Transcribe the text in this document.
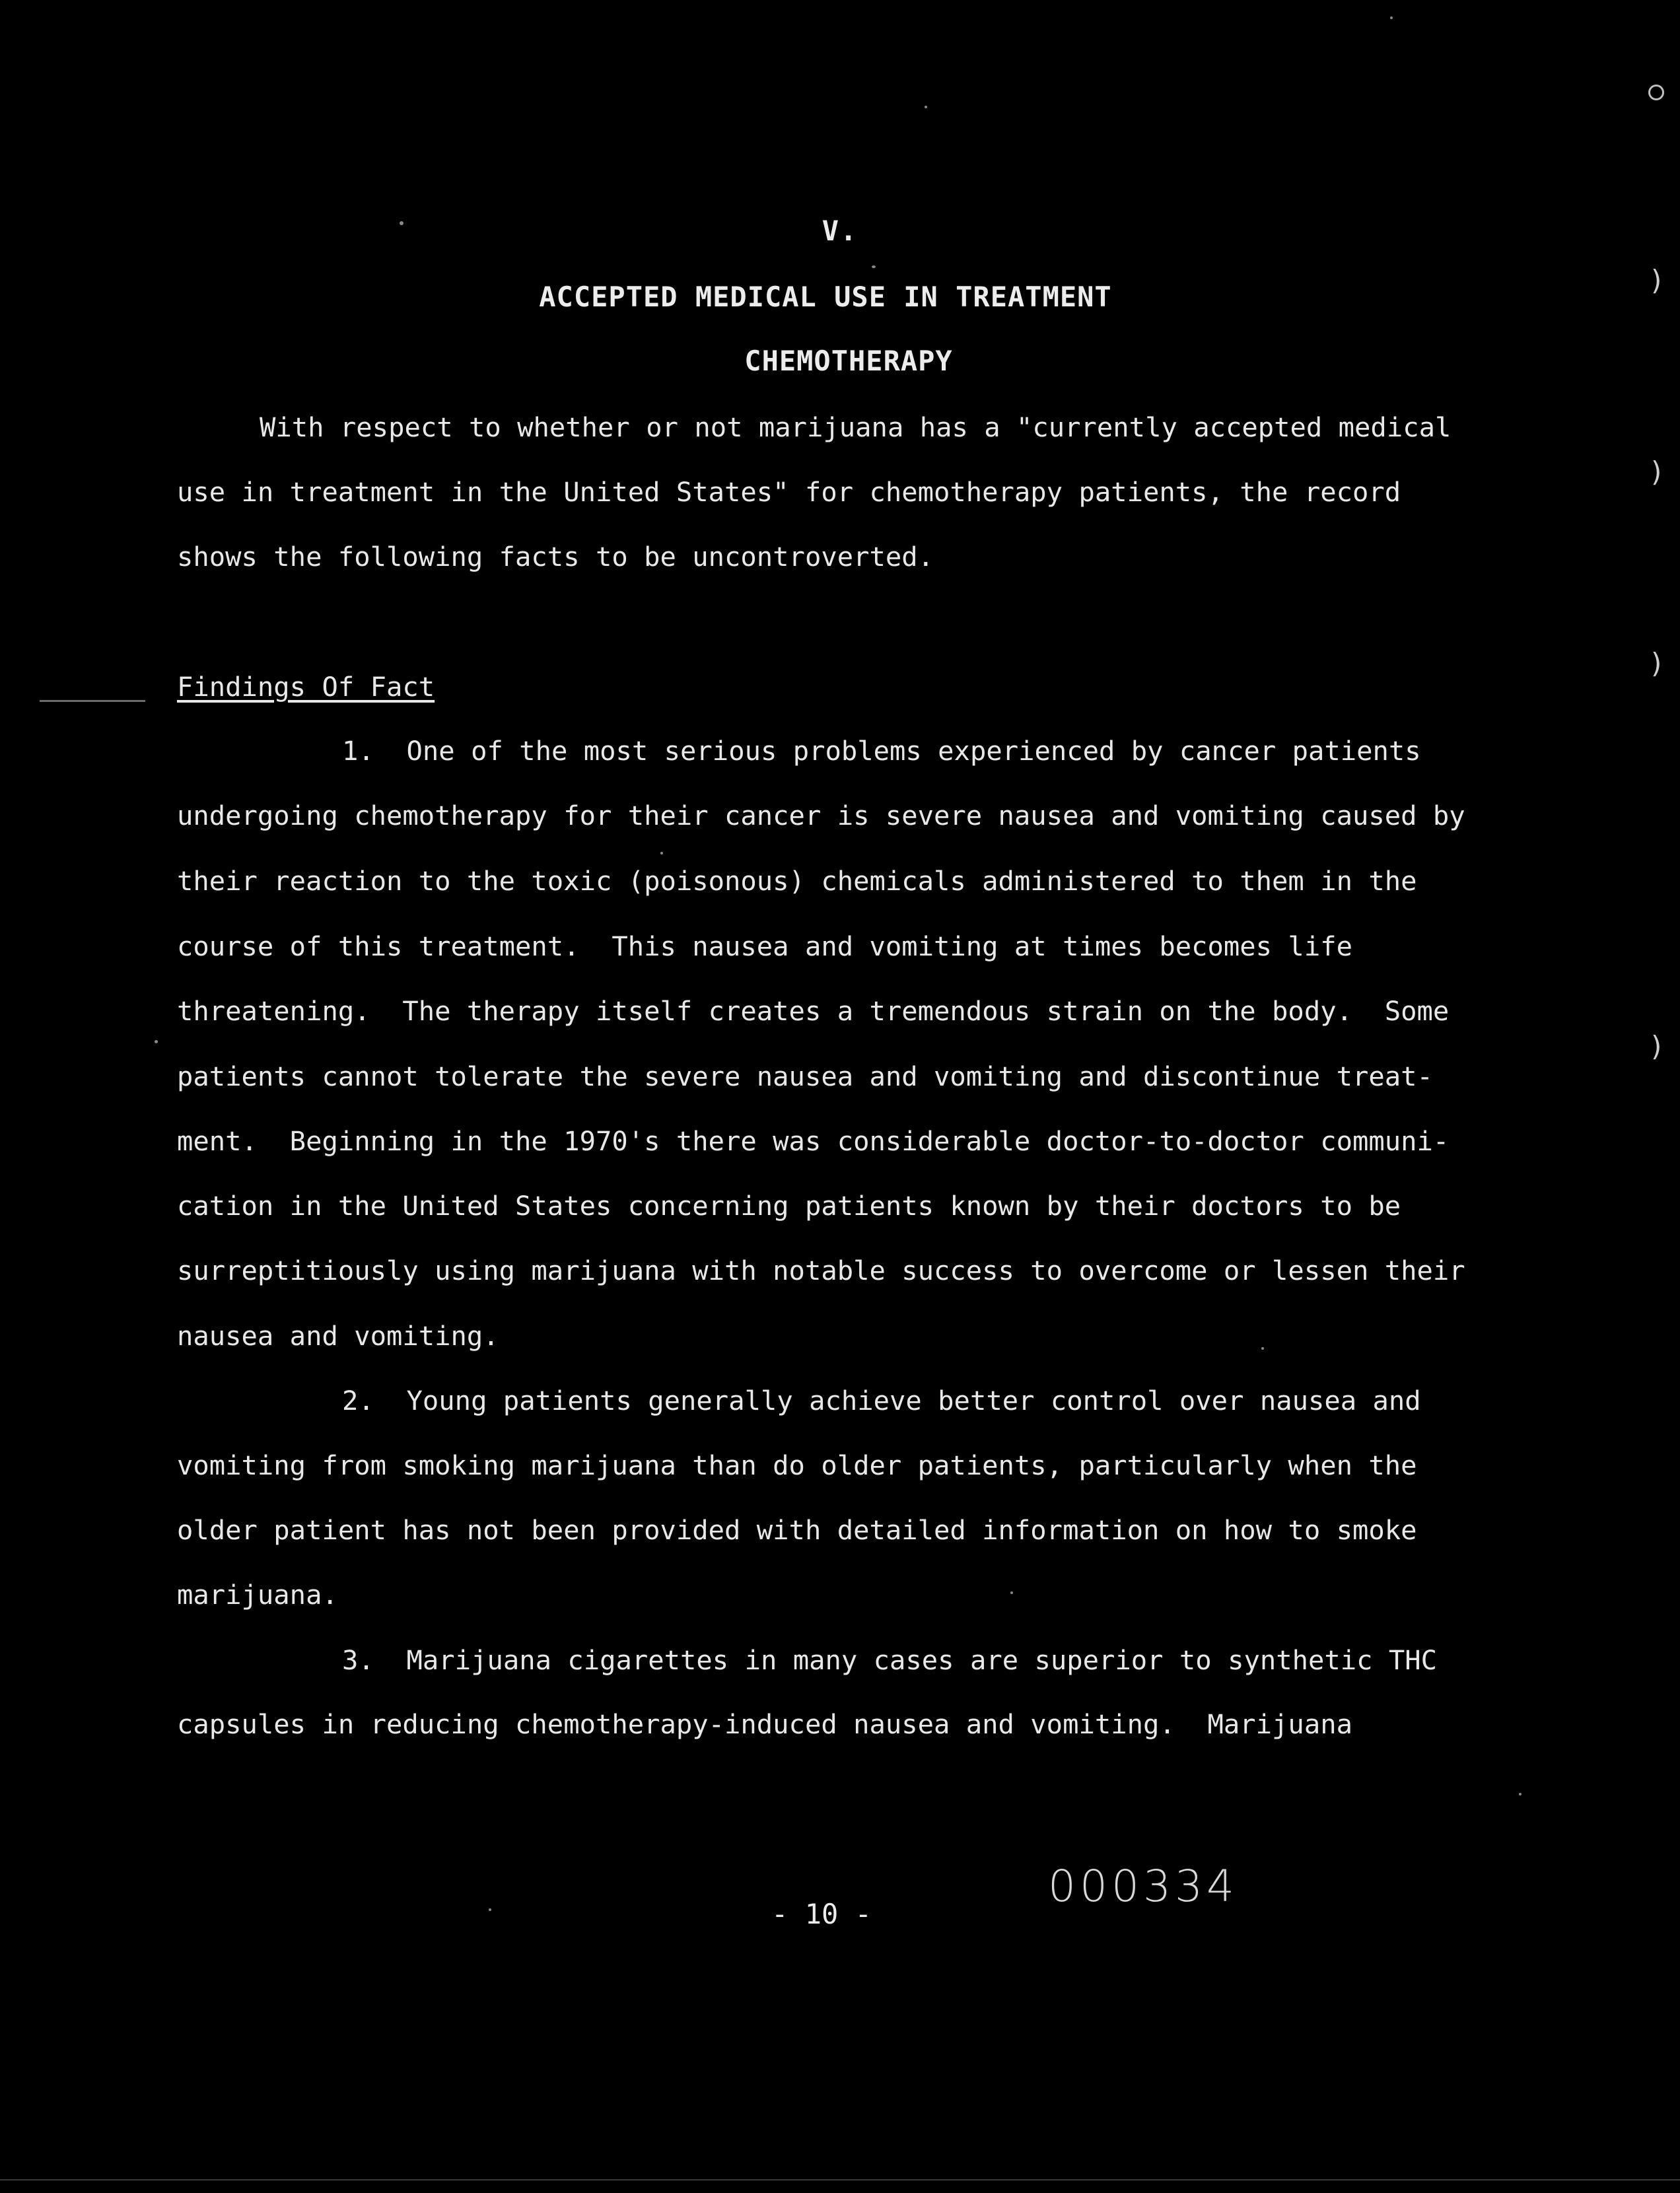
V.
ACCEPTED MEDICAL USE IN TREATMENT
CHEMOTHERAPY
With respect to whether or not marijuana has a "currently accepted medical
use in treatment in the United States" for chemotherapy patients, the record
shows the following facts to be uncontroverted.
Findings Of Fact
1.  One of the most serious problems experienced by cancer patients
undergoing chemotherapy for their cancer is severe nausea and vomiting caused by
their reaction to the toxic (poisonous) chemicals administered to them in the
course of this treatment.  This nausea and vomiting at times becomes life
threatening.  The therapy itself creates a tremendous strain on the body.  Some
patients cannot tolerate the severe nausea and vomiting and discontinue treat-
ment.  Beginning in the 1970's there was considerable doctor-to-doctor communi-
cation in the United States concerning patients known by their doctors to be
surreptitiously using marijuana with notable success to overcome or lessen their
nausea and vomiting.
2.  Young patients generally achieve better control over nausea and
vomiting from smoking marijuana than do older patients, particularly when the
older patient has not been provided with detailed information on how to smoke
marijuana.
3.  Marijuana cigarettes in many cases are superior to synthetic THC
capsules in reducing chemotherapy-induced nausea and vomiting.  Marijuana
- 10 -
000334
)
)
)
)
